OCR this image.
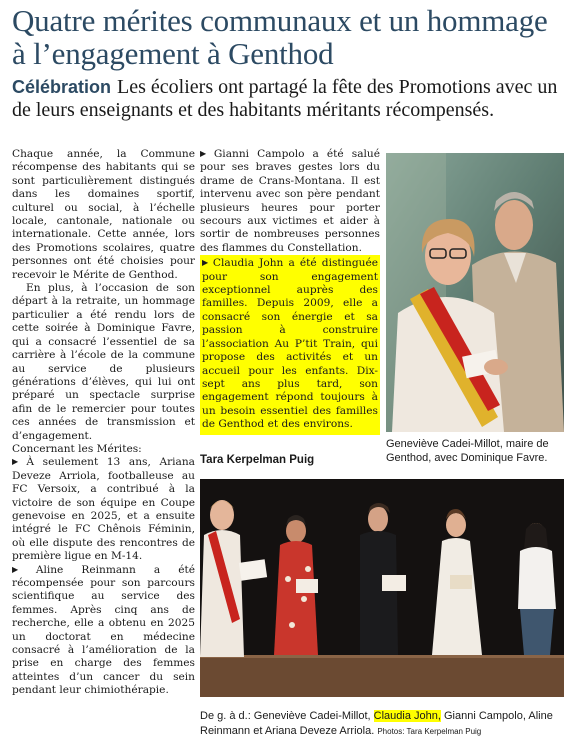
Quatre mérites communaux et un hommage à l’engagement à Genthod
Célébration Les écoliers ont partagé la fête des Promotions avec un de leurs enseignants et des habitants méritants récompensés.

Chaque année, la Commune récompense des habitants qui se sont particulièrement distingués dans les domaines sportif, culturel ou social, à l’échelle locale, cantonale, nationale ou internationale. Cette année, lors des Promotions scolaires, quatre personnes ont été choisies pour recevoir le Mérite de Genthod.

En plus, à l’occasion de son départ à la retraite, un hommage particulier a été rendu lors de cette soirée à Dominique Favre, qui a consacré l’essentiel de sa carrière à l’école de la commune au service de plusieurs générations d’élèves, qui lui ont préparé un spectacle surprise afin de le remercier pour toutes ces années de transmission et d’engagement.

Concernant les Mérites:

▶ À seulement 13 ans, Ariana Deveze Arriola, footballeuse au FC Versoix, a contribué à la victoire de son équipe en Coupe genevoise en 2025, et a ensuite intégré le FC Chênois Féminin, où elle dispute des rencontres de première ligue en M-14.

▶ Aline Reinmann a été récompensée pour son parcours scientifique au service des femmes. Après cinq ans de recherche, elle a obtenu en 2025 un doctorat en médecine consacré à l’amélioration de la prise en charge des femmes atteintes d’un cancer du sein pendant leur chimiothérapie.

▶ Gianni Campolo a été salué pour ses braves gestes lors du drame de Crans-Montana. Il est intervenu avec son père pendant plusieurs heures pour porter secours aux victimes et aider à sortir de nombreuses personnes des flammes du Constellation.

▶ Claudia John a été distinguée pour son engagement exceptionnel auprès des familles. Depuis 2009, elle a consacré son énergie et sa passion à construire l’association Au P’tit Train, qui propose des activités et un accueil pour les enfants. Dix-sept ans plus tard, son engagement répond toujours à un besoin essentiel des familles de Genthod et des environs.

Tara Kerpelman Puig
Geneviève Cadei-Millot, maire de Genthod, avec Dominique Favre.
De g. à d.: Geneviève Cadei-Millot, Claudia John, Gianni Campolo, Aline Reinmann et Ariana Deveze Arriola. Photos: Tara Kerpelman Puig
